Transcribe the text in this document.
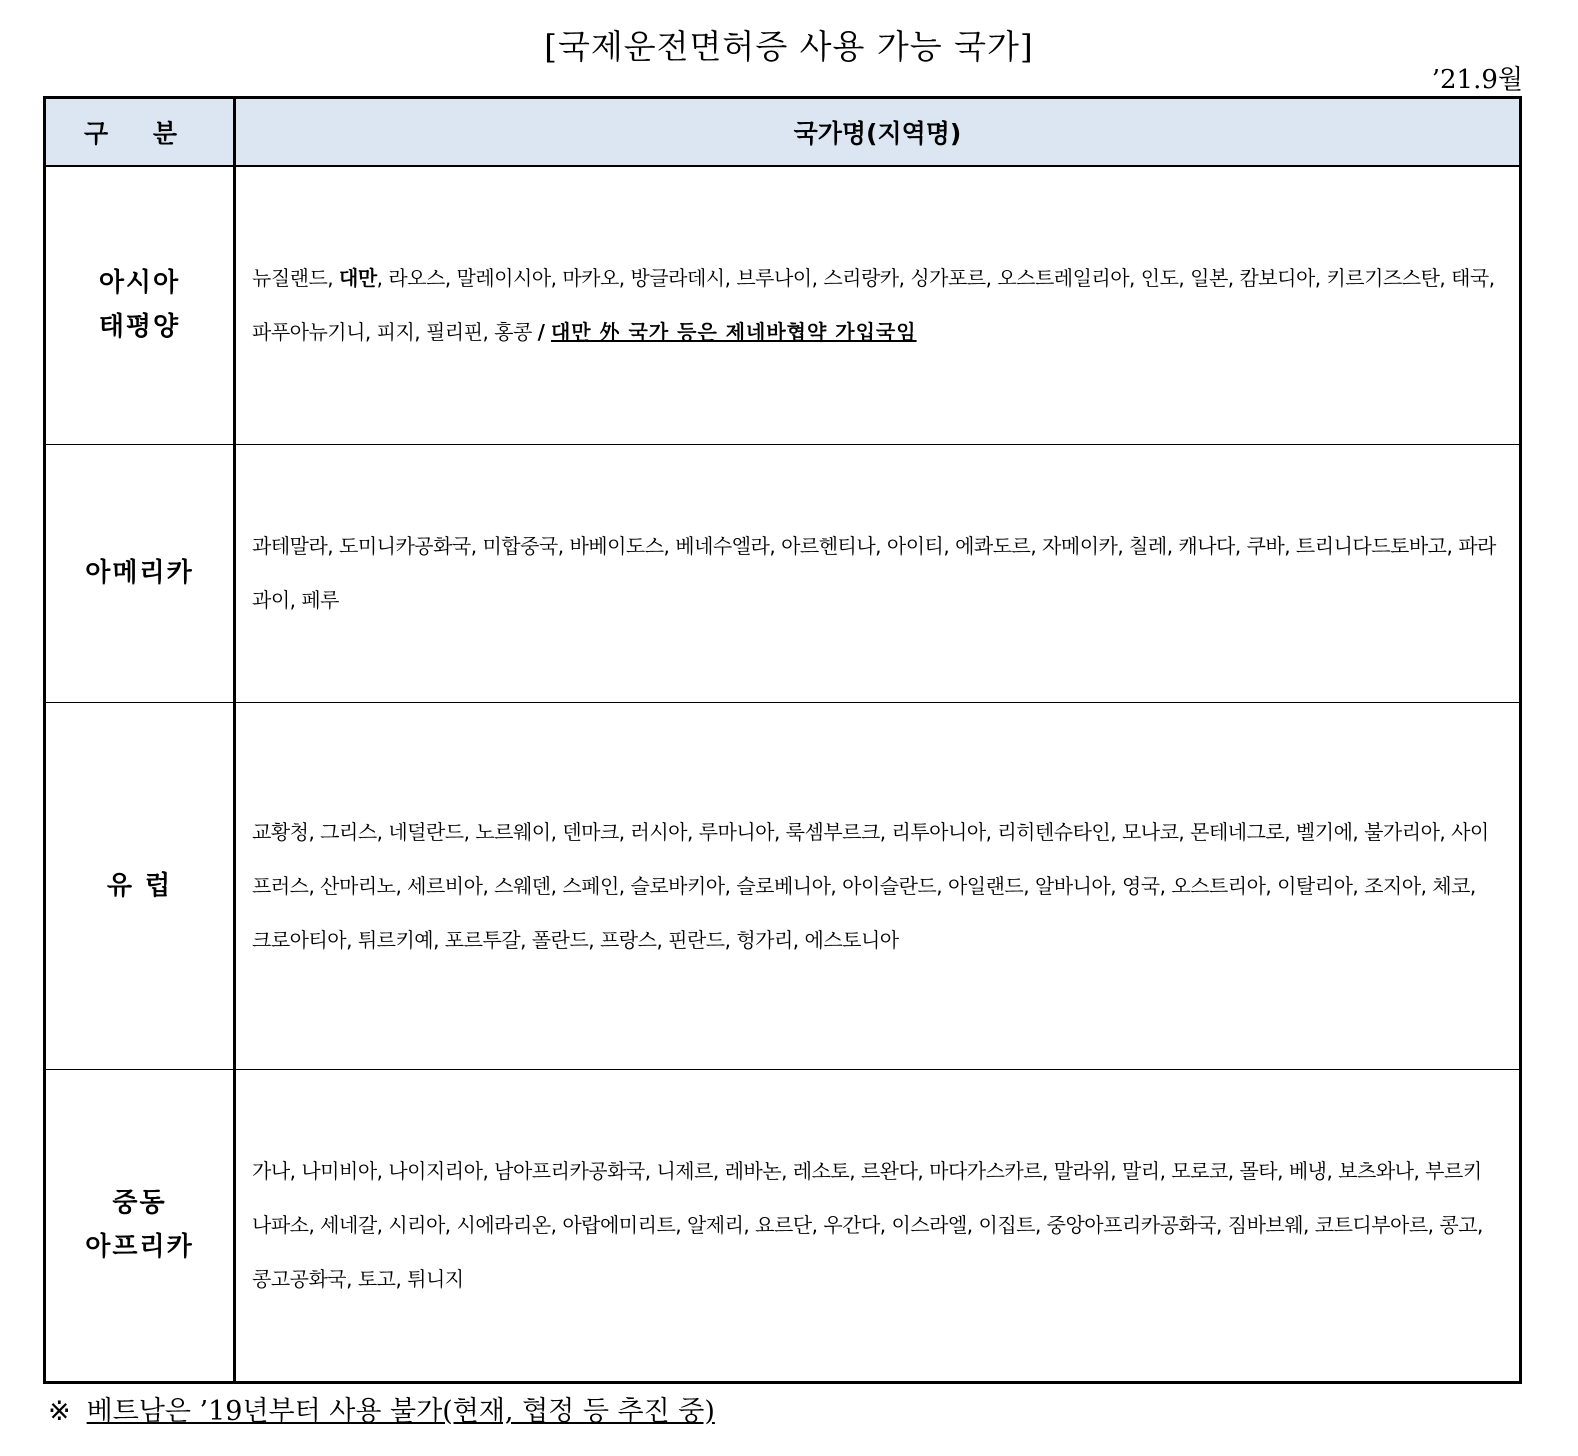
[국제운전면허증 사용 가능 국가]
’21.9월
구 분	국가명(지역명)

아시아
태평양	뉴질랜드, 대만, 라오스, 말레이시아, 마카오, 방글라데시, 브루나이, 스리랑카, 싱가포르, 오스트레일리아, 인도, 일본, 캄보디아, 키르기즈스탄, 태국, 파푸아뉴기니, 피지, 필리핀, 홍콩 / 대만 外 국가 등은 제네바협약 가입국임
아메리카	과테말라, 도미니카공화국, 미합중국, 바베이도스, 베네수엘라, 아르헨티나, 아이티, 에콰도르, 자메이카, 칠레, 캐나다, 쿠바, 트리니다드토바고, 파라과이, 페루
유 럽	교황청, 그리스, 네덜란드, 노르웨이, 덴마크, 러시아, 루마니아, 룩셈부르크, 리투아니아, 리히텐슈타인, 모나코, 몬테네그로, 벨기에, 불가리아, 사이프러스, 산마리노, 세르비아, 스웨덴, 스페인, 슬로바키아, 슬로베니아, 아이슬란드, 아일랜드, 알바니아, 영국, 오스트리아, 이탈리아, 조지아, 체코, 크로아티아, 튀르키예, 포르투갈, 폴란드, 프랑스, 핀란드, 헝가리, 에스토니아

중동
아프리카	가나, 나미비아, 나이지리아, 남아프리카공화국, 니제르, 레바논, 레소토, 르완다, 마다가스카르, 말라위, 말리, 모로코, 몰타, 베냉, 보츠와나, 부르키나파소, 세네갈, 시리아, 시에라리온, 아랍에미리트, 알제리, 요르단, 우간다, 이스라엘, 이집트, 중앙아프리카공화국, 짐바브웨, 코트디부아르, 콩고, 콩고공화국, 토고, 튀니지
※ 베트남은 ’19년부터 사용 불가(현재, 협정 등 추진 중)
